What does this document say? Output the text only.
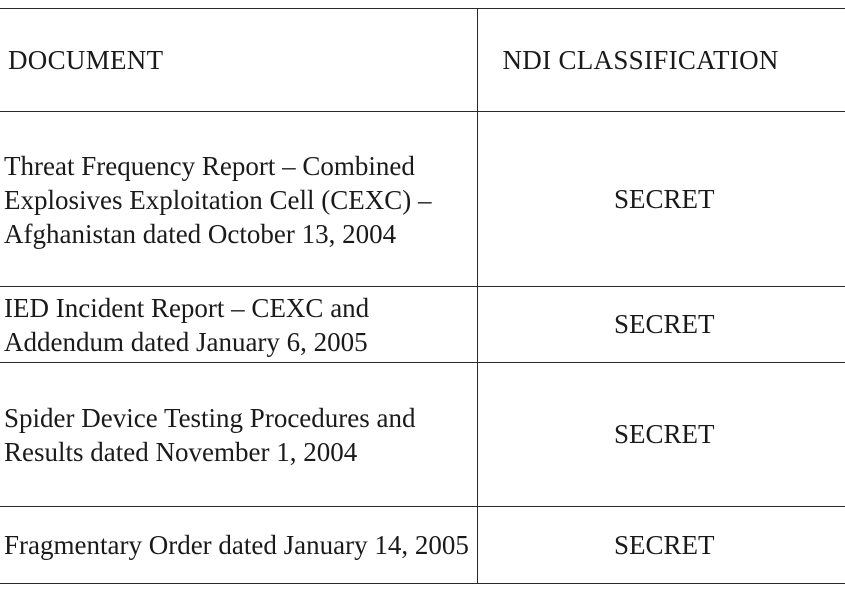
DOCUMENT	NDI CLASSIFICATION
Threat Frequency Report – Combined Explosives Exploitation Cell (CEXC) – Afghanistan dated October 13, 2004	SECRET
IED Incident Report – CEXC and Addendum dated January 6, 2005	SECRET
Spider Device Testing Procedures and Results dated November 1, 2004	SECRET
Fragmentary Order dated January 14, 2005	SECRET
